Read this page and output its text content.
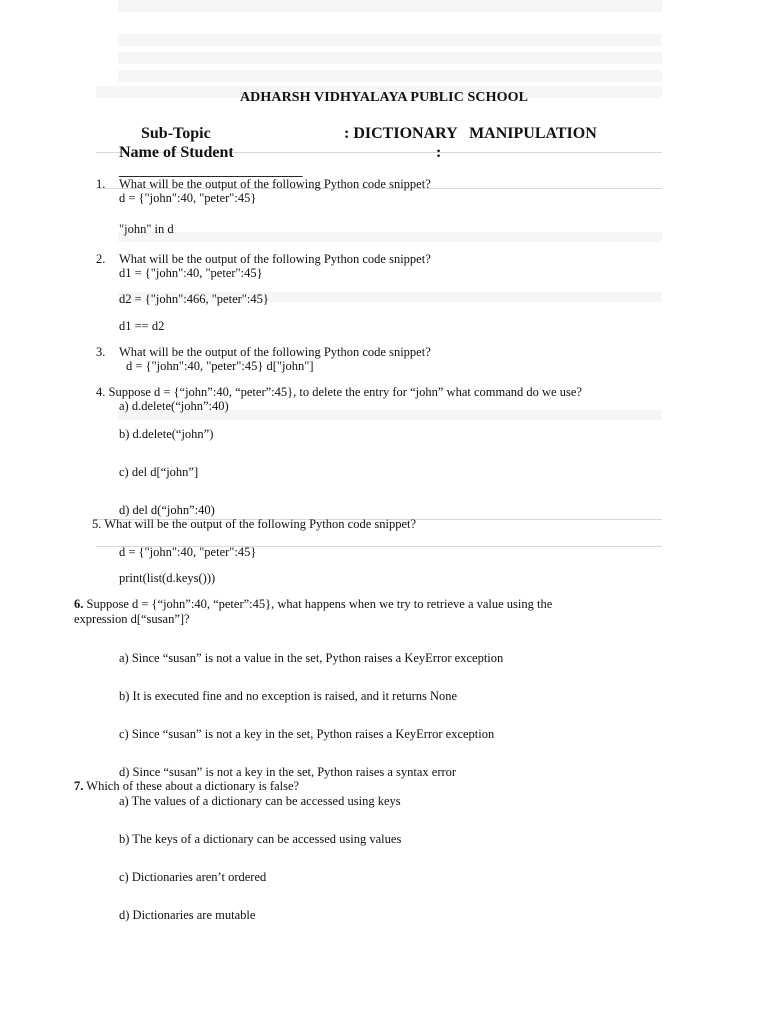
ADHARSH VIDHYALAYA PUBLIC SCHOOL
Sub-Topic	: DICTIONARY   MANIPULATION
Name of Student	:
_______________________________
1. What will be the output of the following Python code snippet?
d = {"john":40, "peter":45}
"john" in d
2. What will be the output of the following Python code snippet?
d1 = {"john":40, "peter":45}
d2 = {"john":466, "peter":45}
d1 == d2
3. What will be the output of the following Python code snippet?
d = {"john":40, "peter":45} d["john"]
4. Suppose d = {“john”:40, “peter”:45}, to delete the entry for “john” what command do we use?
a) d.delete(“john”:40)
b) d.delete(“john”)
c) del d[“john”]
d) del d(“john”:40)
5. What will be the output of the following Python code snippet?
d = {"john":40, "peter":45}
print(list(d.keys()))
6. Suppose d = {“john”:40, “peter”:45}, what happens when we try to retrieve a value using the
expression d[“susan”]?
a) Since “susan” is not a value in the set, Python raises a KeyError exception
b) It is executed fine and no exception is raised, and it returns None
c) Since “susan” is not a key in the set, Python raises a KeyError exception
d) Since “susan” is not a key in the set, Python raises a syntax error
7. Which of these about a dictionary is false?
a) The values of a dictionary can be accessed using keys
b) The keys of a dictionary can be accessed using values
c) Dictionaries aren’t ordered
d) Dictionaries are mutable
